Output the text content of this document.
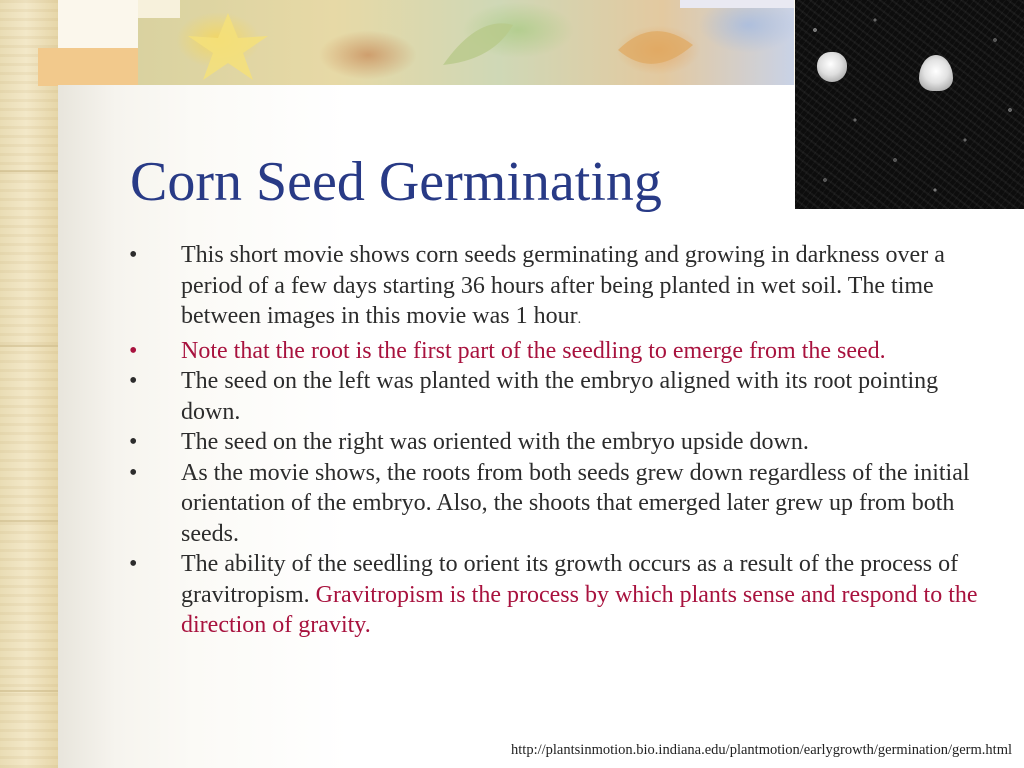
Corn Seed Germinating
•	This short movie shows corn seeds germinating and growing in darkness over a period of a few days starting 36 hours after being planted in wet soil. The time between images in this movie was 1 hour.
•	Note that the root is the first part of the seedling to emerge from the seed.
•	The seed on the left was planted with the embryo aligned with its root pointing down.
•	The seed on the right was oriented with the embryo upside down.
•	As the movie shows, the roots from both seeds grew down regardless of the initial orientation of the embryo. Also, the shoots that emerged later grew up from both seeds.
•	The ability of the seedling to orient its growth occurs as a result of the process of gravitropism. Gravitropism is the process by which plants sense and respond to the direction of gravity.
http://plantsinmotion.bio.indiana.edu/plantmotion/earlygrowth/germination/germ.html
